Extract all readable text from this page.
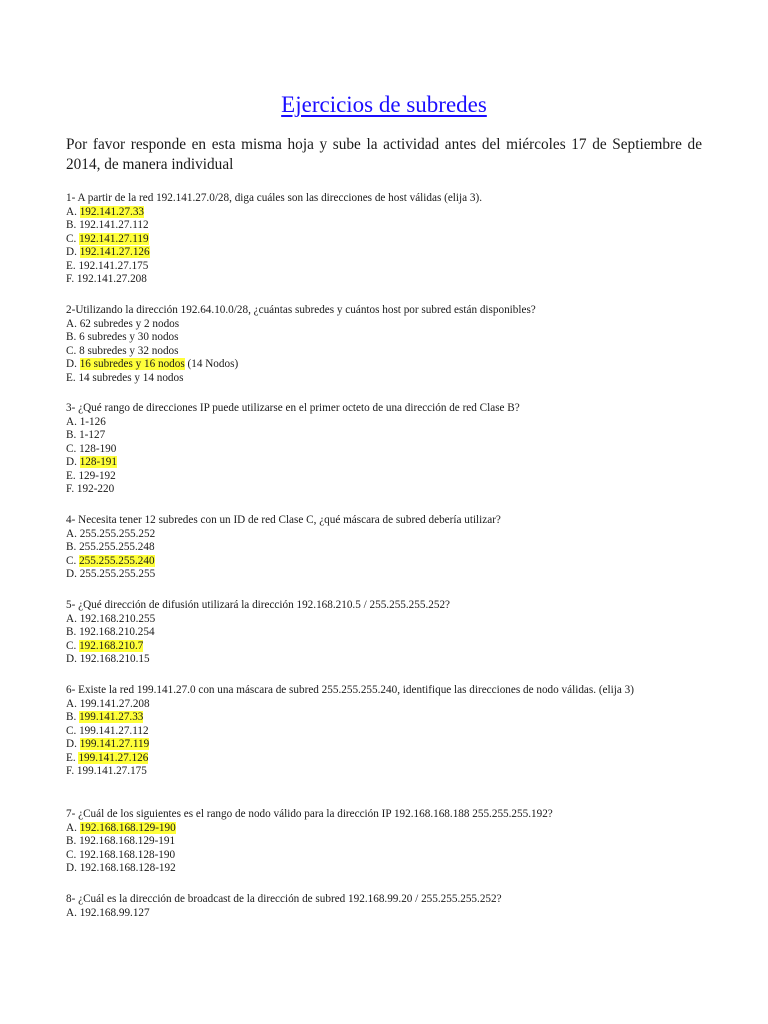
Ejercicios de subredes
Por favor responde en esta misma hoja y sube la actividad antes del miércoles 17 de Septiembre de 2014, de manera individual
1- A partir de la red 192.141.27.0/28, diga cuáles son las direcciones de host válidas (elija 3).
A. 192.141.27.33
B. 192.141.27.112
C. 192.141.27.119
D. 192.141.27.126
E. 192.141.27.175
F. 192.141.27.208
2-Utilizando la dirección 192.64.10.0/28, ¿cuántas subredes y cuántos host por subred están disponibles?
A. 62 subredes y 2 nodos
B. 6 subredes y 30 nodos
C. 8 subredes y 32 nodos
D. 16 subredes y 16 nodos (14 Nodos)
E. 14 subredes y 14 nodos
3- ¿Qué rango de direcciones IP puede utilizarse en el primer octeto de una dirección de red Clase B?
A. 1-126
B. 1-127
C. 128-190
D. 128-191
E. 129-192
F. 192-220
4- Necesita tener 12 subredes con un ID de red Clase C, ¿qué máscara de subred debería utilizar?
A. 255.255.255.252
B. 255.255.255.248
C. 255.255.255.240
D. 255.255.255.255
5- ¿Qué dirección de difusión utilizará la dirección 192.168.210.5 / 255.255.255.252?
A. 192.168.210.255
B. 192.168.210.254
C. 192.168.210.7
D. 192.168.210.15
6- Existe la red 199.141.27.0 con una máscara de subred 255.255.255.240, identifique las direcciones de nodo válidas. (elija 3)
A. 199.141.27.208
B. 199.141.27.33
C. 199.141.27.112
D. 199.141.27.119
E. 199.141.27.126
F. 199.141.27.175
7- ¿Cuál de los siguientes es el rango de nodo válido para la dirección IP 192.168.168.188 255.255.255.192?
A. 192.168.168.129-190
B. 192.168.168.129-191
C. 192.168.168.128-190
D. 192.168.168.128-192
8- ¿Cuál es la dirección de broadcast de la dirección de subred 192.168.99.20 / 255.255.255.252?
A. 192.168.99.127
